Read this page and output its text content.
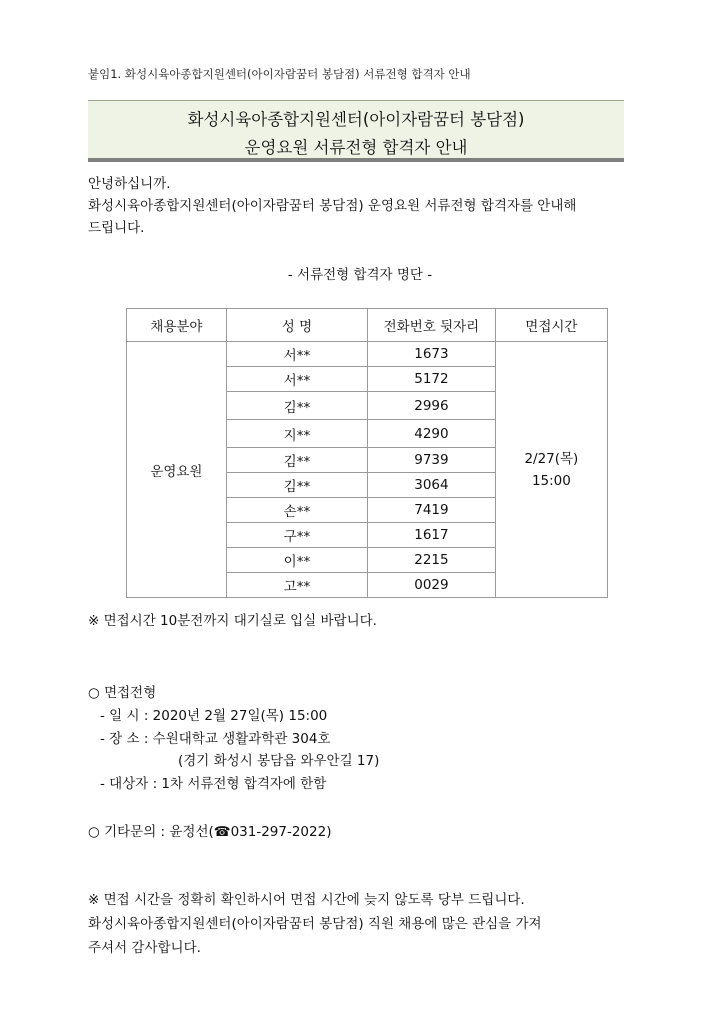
붙임1. 화성시육아종합지원센터(아이자람꿈터 봉담점) 서류전형 합격자 안내
화성시육아종합지원센터(아이자람꿈터 봉담점)
운영요원 서류전형 합격자 안내
안녕하십니까.
화성시육아종합지원센터(아이자람꿈터 봉담점) 운영요원 서류전형 합격자를 안내해
드립니다.
- 서류전형 합격자 명단 -
채용분야	성 명	전화번호 뒷자리	면접시간
운영요원	서**	1673	2/27(목)
15:00

	서**	5172	
	김**	2996	
	지**	4290	
	김**	9739	
	김**	3064	
	손**	7419	
	구**	1617	
	이**	2215	
	고**	0029	
※ 면접시간 10분전까지 대기실로 입실 바랍니다.
○ 면접전형
- 일 시 : 2020년 2월 27일(목) 15:00
- 장 소 : 수원대학교 생활과학관 304호
(경기 화성시 봉담읍 와우안길 17)
- 대상자 : 1차 서류전형 합격자에 한함
○ 기타문의 : 윤정선(☎031-297-2022)
※ 면접 시간을 정확히 확인하시어 면접 시간에 늦지 않도록 당부 드립니다.
화성시육아종합지원센터(아이자람꿈터 봉담점) 직원 채용에 많은 관심을 가져
주셔서 감사합니다.
